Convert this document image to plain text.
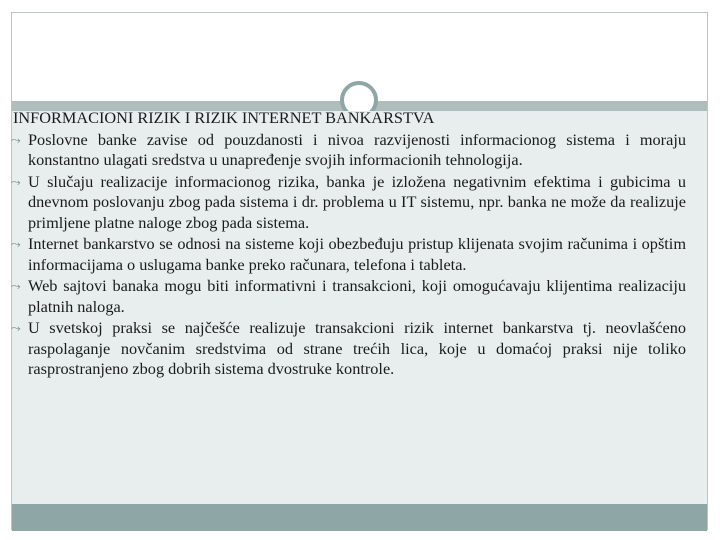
INFORMACIONI RIZIK I RIZIK INTERNET BANKARSTVA
⤳ Poslovne banke zavise od pouzdanosti i nivoa razvijenosti informacionog sistema i moraju konstantno ulagati sredstva u unapređenje svojih informacionih tehnologija.
⤳ U slučaju realizacije informacionog rizika, banka je izložena negativnim efektima i gubicima u dnevnom poslovanju zbog pada sistema i dr. problema u IT sistemu, npr. banka ne može da realizuje primljene platne naloge zbog pada sistema.
⤳ Internet bankarstvo se odnosi na sisteme koji obezbeđuju pristup klijenata svojim računima i opštim informacijama o uslugama banke preko računara, telefona i tableta.
⤳ Web sajtovi banaka mogu biti informativni i transakcioni, koji omogućavaju klijentima realizaciju platnih naloga.
⤳ U svetskoj praksi se najčešće realizuje transakcioni rizik internet bankarstva tj. neovlašćeno raspolaganje novčanim sredstvima od strane trećih lica, koje u domaćoj praksi nije toliko rasprostranjeno zbog dobrih sistema dvostruke kontrole.
